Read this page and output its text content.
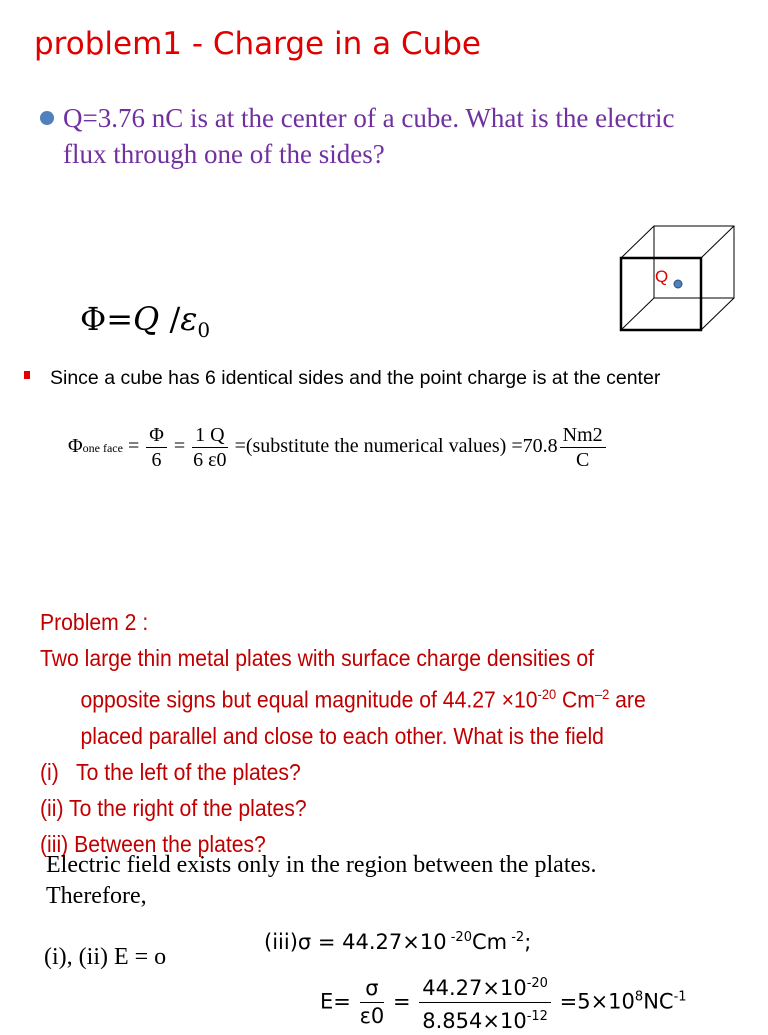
problem1 - Charge in a Cube
Q=3.76 nC is at the center of a cube. What is the electric flux through one of the sides?
Q
Φ=Q $/\varepsilon_0$
Since a cube has 6 identical sides and the point charge is at the center
Φone face = $\frac{\Phi}{6} = \frac{1 Q}{6 \varepsilon 0}$ =(substitute the numerical values) $=70.8 \frac{Nm2}{C}$
Problem 2 :
Two large thin metal plates with surface charge densities of
opposite signs but equal magnitude of $44.27 \times 10^{-20}$ $Cm^{-2}$ are
placed parallel and close to each other. What is the field
(i)   To the left of the plates?
(ii) To the right of the plates?
(iii) Between the plates?
Electric field exists only in the region between the plates.
Therefore,
(i), (ii) E = o
(iii)σ = 44.27×10 $^{-20}$Cm $^{-2}$;
$E= \frac{\sigma}{\varepsilon 0} = \frac{44.27\times 10^{-20}}{8.854\times 10^{-12}} =5\times 10^8NC^{-1}$
